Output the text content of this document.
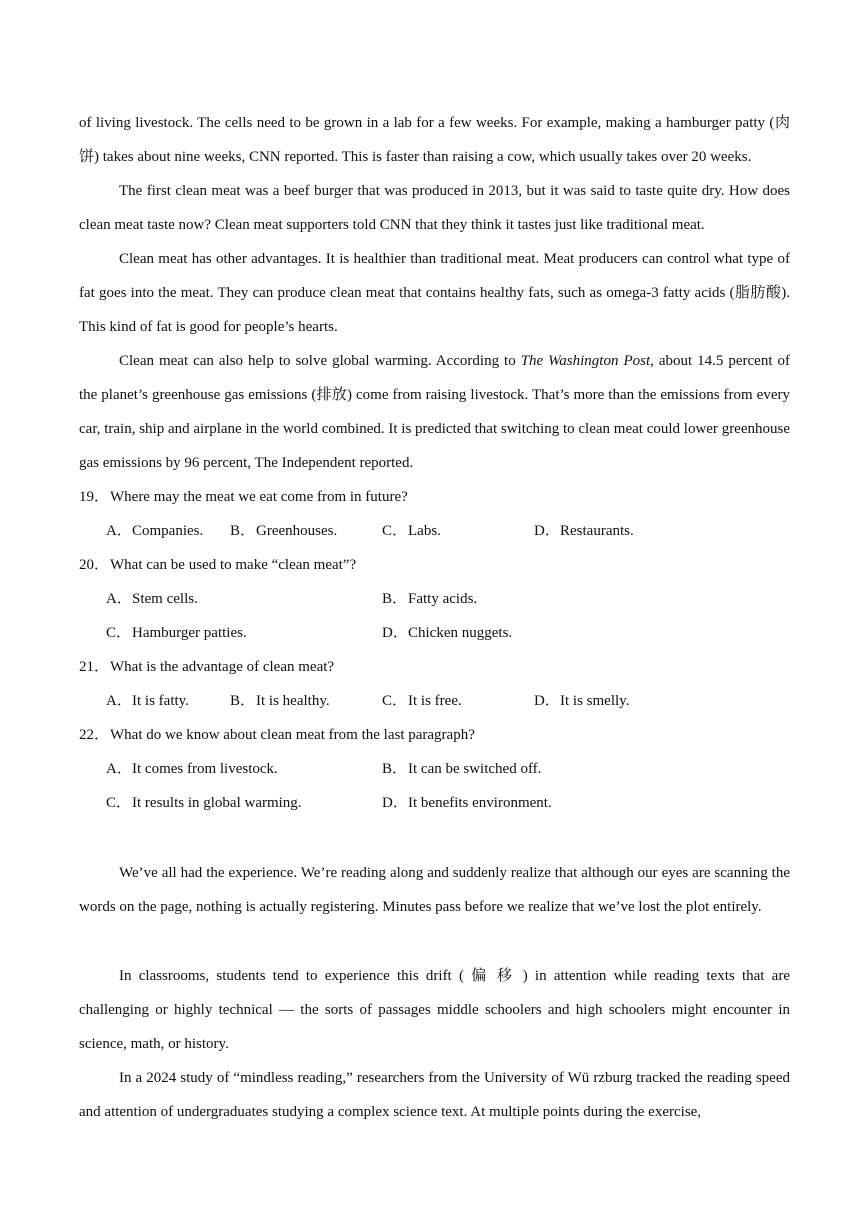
of living livestock. The cells need to be grown in a lab for a few weeks. For example, making a hamburger patty (肉饼) takes about nine weeks, CNN reported. This is faster than raising a cow, which usually takes over 20 weeks.

The first clean meat was a beef burger that was produced in 2013, but it was said to taste quite dry. How does clean meat taste now? Clean meat supporters told CNN that they think it tastes just like traditional meat.

Clean meat has other advantages. It is healthier than traditional meat. Meat producers can control what type of fat goes into the meat. They can produce clean meat that contains healthy fats, such as omega-3 fatty acids (脂肪酸). This kind of fat is good for people’s hearts.

Clean meat can also help to solve global warming. According to The Washington Post, about 14.5 percent of the planet’s greenhouse gas emissions (排放) come from raising livestock. That’s more than the emissions from every car, train, ship and airplane in the world combined. It is predicted that switching to clean meat could lower greenhouse gas emissions by 96 percent, The Independent reported.

19．Where may the meat we eat come from in future?

A．Companies. B．Greenhouses.	C．Labs.	D．Restaurants.

20．What can be used to make “clean meat”?

A．Stem cells.	B．Fatty acids.
C．Hamburger patties.	D．Chicken nuggets.

21．What is the advantage of clean meat?

A．It is fatty.	B．It is healthy.	C．It is free.	D．It is smelly.

22．What do we know about clean meat from the last paragraph?

A．It comes from livestock.	B．It can be switched off.
C．It results in global warming.	D．It benefits environment.

We’ve all had the experience. We’re reading along and suddenly realize that although our eyes are scanning the words on the page, nothing is actually registering. Minutes pass before we realize that we’ve lost the plot entirely.

In classrooms, students tend to experience this drift ( 偏 移 ) in attention while reading texts that are challenging or highly technical — the sorts of passages middle schoolers and high schoolers might encounter in science, math, or history.

In a 2024 study of “mindless reading,” researchers from the University of Wü rzburg tracked the reading speed and attention of undergraduates studying a complex science text. At multiple points during the exercise,
